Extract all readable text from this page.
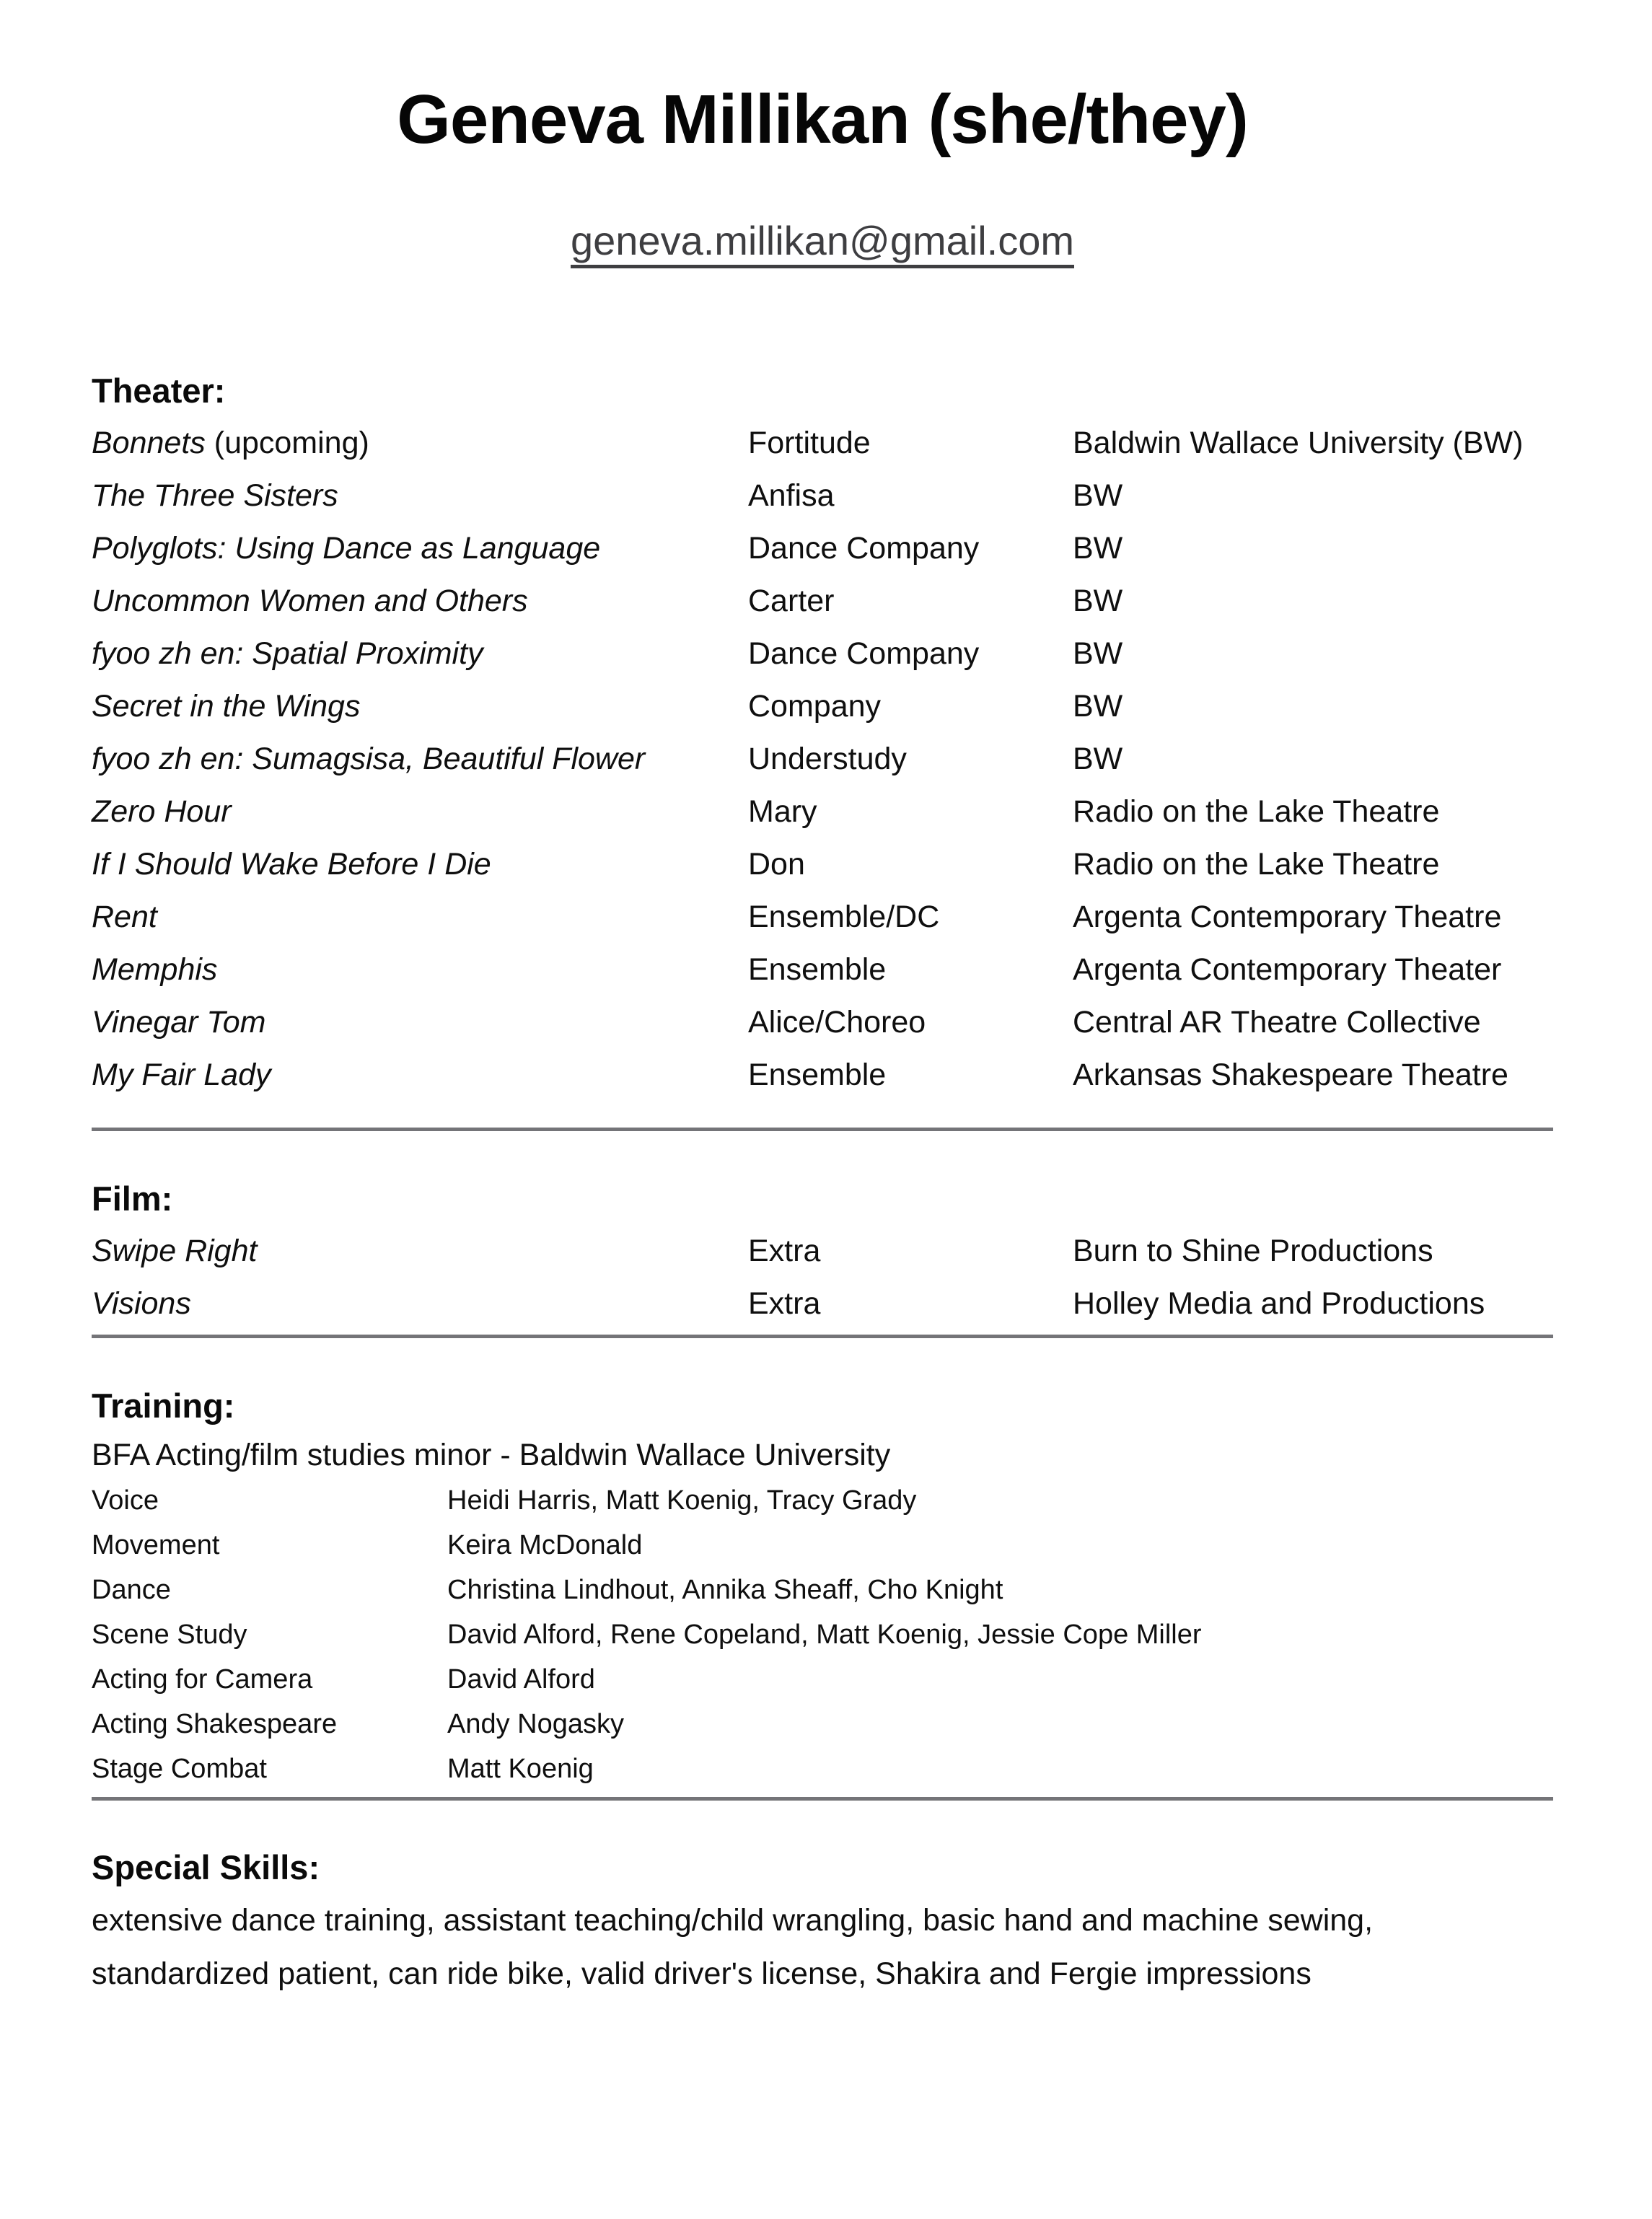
Geneva Millikan (she/they)
geneva.millikan@gmail.com
Theater:
Bonnets (upcoming)	Fortitude	Baldwin Wallace University (BW)
The Three Sisters	Anfisa	BW
Polyglots: Using Dance as Language	Dance Company	BW
Uncommon Women and Others	Carter	BW
fyoo zh en: Spatial Proximity	Dance Company	BW
Secret in the Wings	Company	BW
fyoo zh en: Sumagsisa, Beautiful Flower	Understudy	BW
Zero Hour	Mary	Radio on the Lake Theatre
If I Should Wake Before I Die	Don	Radio on the Lake Theatre
Rent	Ensemble/DC	Argenta Contemporary Theatre
Memphis	Ensemble	Argenta Contemporary Theater
Vinegar Tom	Alice/Choreo	Central AR Theatre Collective
My Fair Lady	Ensemble	Arkansas Shakespeare Theatre
Film:
Swipe Right	Extra	Burn to Shine Productions
Visions	Extra	Holley Media and Productions
Training:
BFA Acting/film studies minor - Baldwin Wallace University
Voice	Heidi Harris, Matt Koenig, Tracy Grady
Movement	Keira McDonald
Dance	Christina Lindhout, Annika Sheaff, Cho Knight
Scene Study	David Alford, Rene Copeland, Matt Koenig, Jessie Cope Miller
Acting for Camera	David Alford
Acting Shakespeare	Andy Nogasky
Stage Combat	Matt Koenig
Special Skills:
extensive dance training, assistant teaching/child wrangling, basic hand and machine sewing, standardized patient, can ride bike, valid driver's license, Shakira and Fergie impressions
